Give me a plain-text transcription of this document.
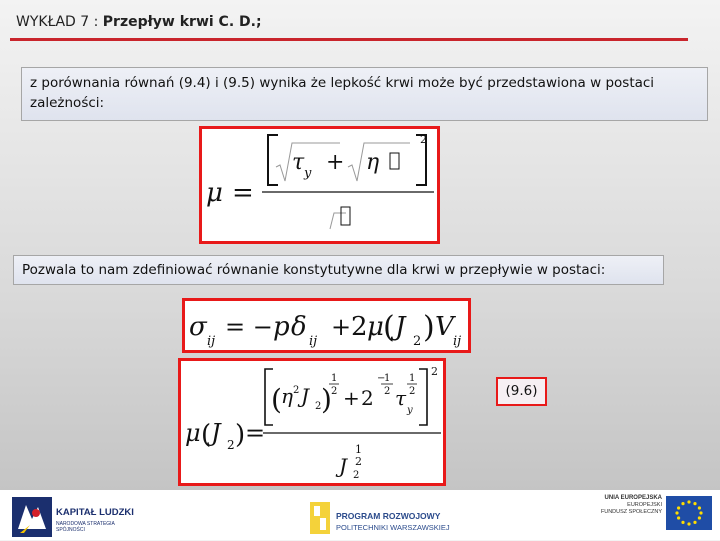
WYKŁAD 7 : Przepływ krwi C. D.;
z porównania równań (9.4) i (9.5) wynika że lepkość krwi może być przedstawiona w postaci zależności:
μ =
τ y + η
2
Pozwala to nam zdefiniować równanie konstytutywne dla krwi w przepływie w postaci:
σ ij
= − p δ ij
+ 2 μ ( J 2 ) V ij
μ ( J 2 ) =
2
( η 2 J 2 )
1
2 + 2
−
1
2 τ
y
1
2
1
J 2
2
(9.6)
KAPITAŁ LUDZKI
NARODOWA STRATEGIA SPÓJNOŚCI
PROGRAM ROZWOJOWY
POLITECHNIKI WARSZAWSKIEJ
UNIA EUROPEJSKA
EUROPEJSKI
FUNDUSZ SPOŁECZNY
